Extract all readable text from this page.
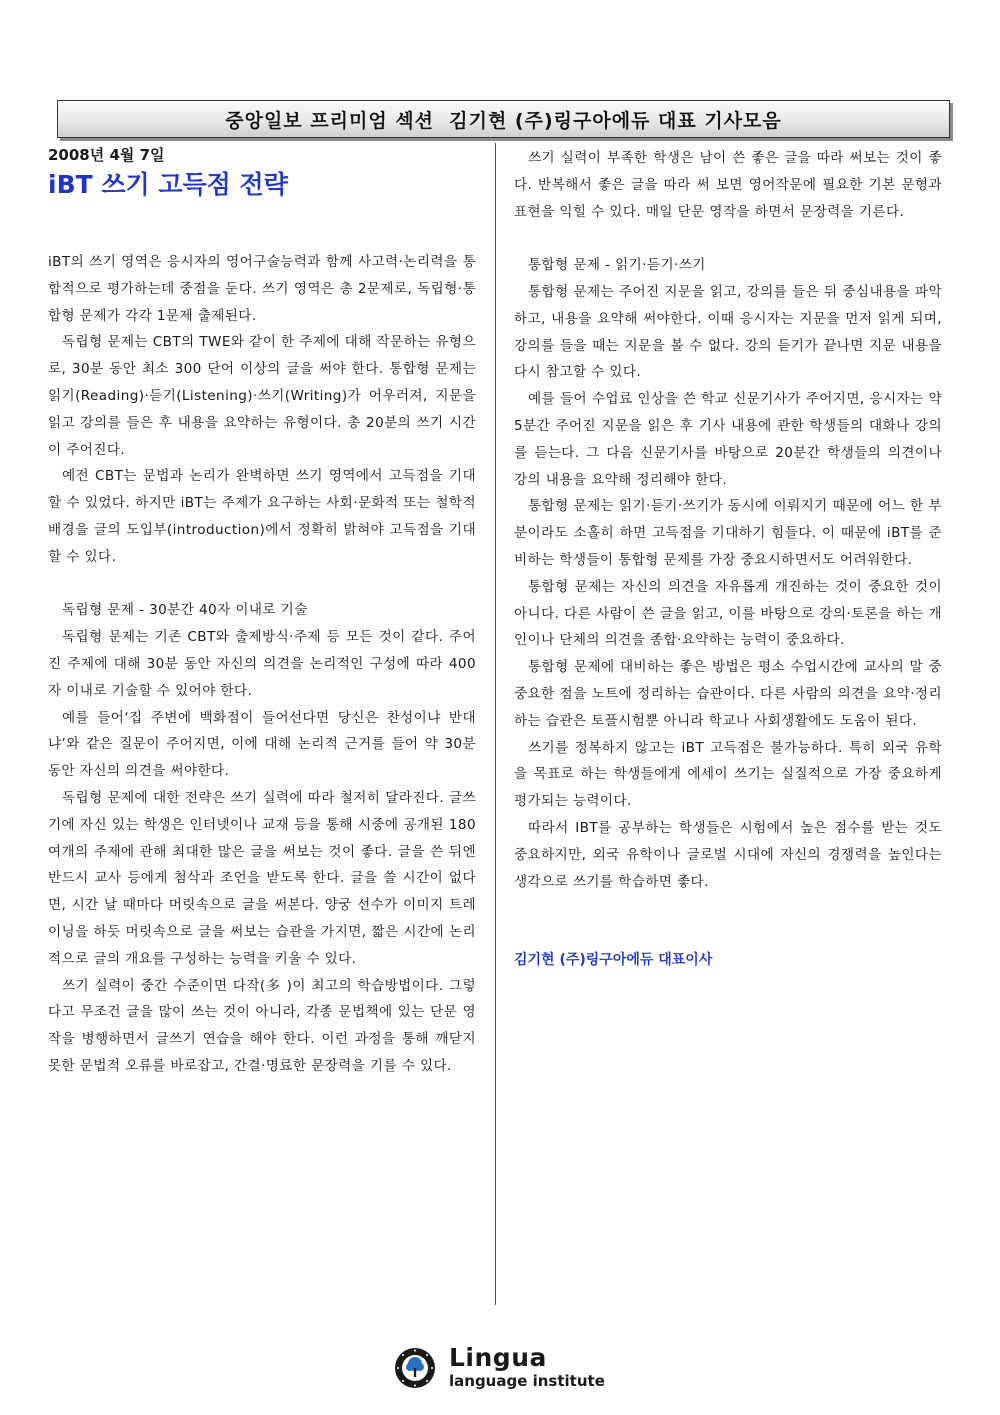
중앙일보 프리미엄 섹션  김기현 (주)링구아에듀 대표 기사모음

2008년 4월 7일

iBT 쓰기 고득점 전략

iBT의 쓰기 영역은 응시자의 영어구술능력과 함께 사고력·논리력을 통합적으로 평가하는데 중점을 둔다. 쓰기 영역은 총 2문제로, 독립형·통합형 문제가 각각 1문제 출제된다.

독립형 문제는 CBT의 TWE와 같이 한 주제에 대해 작문하는 유형으로, 30분 동안 최소 300 단어 이상의 글을 써야 한다. 통합형 문제는 읽기(Reading)·듣기(Listening)·쓰기(Writing)가 어우러져, 지문을 읽고 강의를 들은 후 내용을 요약하는 유형이다. 총 20분의 쓰기 시간이 주어진다.

예전 CBT는 문법과 논리가 완벽하면 쓰기 영역에서 고득점을 기대할 수 있었다. 하지만 iBT는 주제가 요구하는 사회·문화적 또는 철학적 배경을 글의 도입부(introduction)에서 정확히 밝혀야 고득점을 기대할 수 있다.

독립형 문제 - 30분간 40자 이내로 기술

독립형 문제는 기존 CBT와 출제방식·주제 등 모든 것이 같다. 주어진 주제에 대해 30분 동안 자신의 의견을 논리적인 구성에 따라 400자 이내로 기술할 수 있어야 한다.

예를 들어‘집 주변에 백화점이 들어선다면 당신은 찬성이냐 반대냐’와 같은 질문이 주어지면, 이에 대해 논리적 근거를 들어 약 30분 동안 자신의 의견을 써야한다.

독립형 문제에 대한 전략은 쓰기 실력에 따라 철저히 달라진다. 글쓰기에 자신 있는 학생은 인터넷이나 교재 등을 통해 시중에 공개된 180여개의 주제에 관해 최대한 많은 글을 써보는 것이 좋다. 글을 쓴 뒤엔 반드시 교사 등에게 첨삭과 조언을 받도록 한다. 글을 쓸 시간이 없다면, 시간 날 때마다 머릿속으로 글을 써본다. 양궁 선수가 이미지 트레이닝을 하듯 머릿속으로 글을 써보는 습관을 가지면, 짧은 시간에 논리적으로 글의 개요를 구성하는 능력을 키울 수 있다.

쓰기 실력이 중간 수준이면 다작(多 )이 최고의 학습방법이다. 그렇다고 무조건 글을 많이 쓰는 것이 아니라, 각종 문법책에 있는 단문 영작을 병행하면서 글쓰기 연습을 해야 한다. 이런 과정을 통해 깨닫지 못한 문법적 오류를 바로잡고, 간결·명료한 문장력을 기를 수 있다.

쓰기 실력이 부족한 학생은 남이 쓴 좋은 글을 따라 써보는 것이 좋다. 반복해서 좋은 글을 따라 써 보면 영어작문에 필요한 기본 문형과 표현을 익힐 수 있다. 매일 단문 영작을 하면서 문장력을 기른다.

통합형 문제 - 읽기·듣기·쓰기

통합형 문제는 주어진 지문을 읽고, 강의를 들은 뒤 중심내용을 파악하고, 내용을 요약해 써야한다. 이때 응시자는 지문을 먼저 읽게 되며, 강의를 들을 때는 지문을 볼 수 없다. 강의 듣기가 끝나면 지문 내용을 다시 참고할 수 있다.

예를 들어 수업료 인상을 쓴 학교 신문기사가 주어지면, 응시자는 약 5분간 주어진 지문을 읽은 후 기사 내용에 관한 학생들의 대화나 강의를 듣는다. 그 다음 신문기사를 바탕으로 20분간 학생들의 의견이나 강의 내용을 요약해 정리해야 한다.

통합형 문제는 읽기·듣기·쓰기가 동시에 이뤄지기 때문에 어느 한 부분이라도 소홀히 하면 고득점을 기대하기 힘들다. 이 때문에 iBT를 준비하는 학생들이 통합형 문제를 가장 중요시하면서도 어려워한다.

통합형 문제는 자신의 의견을 자유롭게 개진하는 것이 중요한 것이 아니다. 다른 사람이 쓴 글을 읽고, 이를 바탕으로 강의·토론을 하는 개인이나 단체의 의견을 종합·요약하는 능력이 중요하다.

통합형 문제에 대비하는 좋은 방법은 평소 수업시간에 교사의 말 중 중요한 점을 노트에 정리하는 습관이다. 다른 사람의 의견을 요약·정리하는 습관은 토플시험뿐 아니라 학교나 사회생활에도 도움이 된다.

쓰기를 정복하지 않고는 iBT 고득점은 불가능하다. 특히 외국 유학을 목표로 하는 학생들에게 에세이 쓰기는 실질적으로 가장 중요하게 평가되는 능력이다.

따라서 IBT를 공부하는 학생들은 시험에서 높은 점수를 받는 것도 중요하지만, 외국 유학이나 글로벌 시대에 자신의 경쟁력을 높인다는 생각으로 쓰기를 학습하면 좋다.

김기현 (주)링구아에듀 대표이사

Lingua
language institute
